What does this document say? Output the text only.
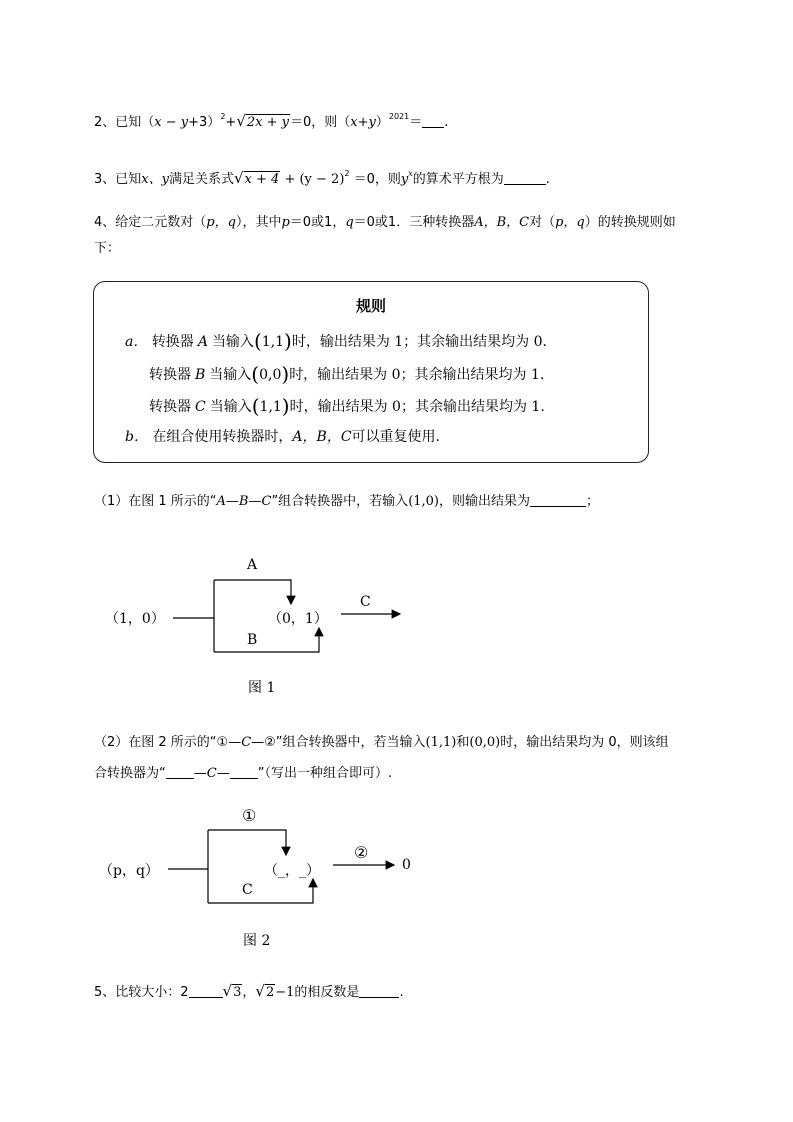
2、已知$(x - y+3)^2+√2x + y=0$，则$(x+y)^{2021}=$ .
3、已知x、y满足关系式$√x + 4 + (y - 2)^2 =0$，则$y^x$的算术平方根为	.
4、给定二元数对（p，q），其中p＝0或1，q＝0或1．三种转换器A，B，C对（p，q）的转换规则如
下：
规则
a． 转换器 A 当输入(1,1)时，输出结果为 1；其余输出结果均为 0.
转换器 B 当输入(0,0)时，输出结果为 0；其余输出结果均为 1.
转换器 C 当输入(1,1)时，输出结果为 0；其余输出结果均为 1.
b． 在组合使用转换器时，A，B，C可以重复使用.
（1）在图 1 所示的“A—B—C”组合转换器中，若输入(1,0)，则输出结果为	；
（1，0）
A
B
（0，1）
C
图 1
（2）在图 2 所示的“①—C—②”组合转换器中，若当输入(1,1)和(0,0)时，输出结果均为 0，则该组
合转换器为“ —C— ”（写出一种组合即可）.
（p，q）
①
C
（_，_）
②
0
图 2
5、比较大小：2 √3，√2−1的相反数是	.
